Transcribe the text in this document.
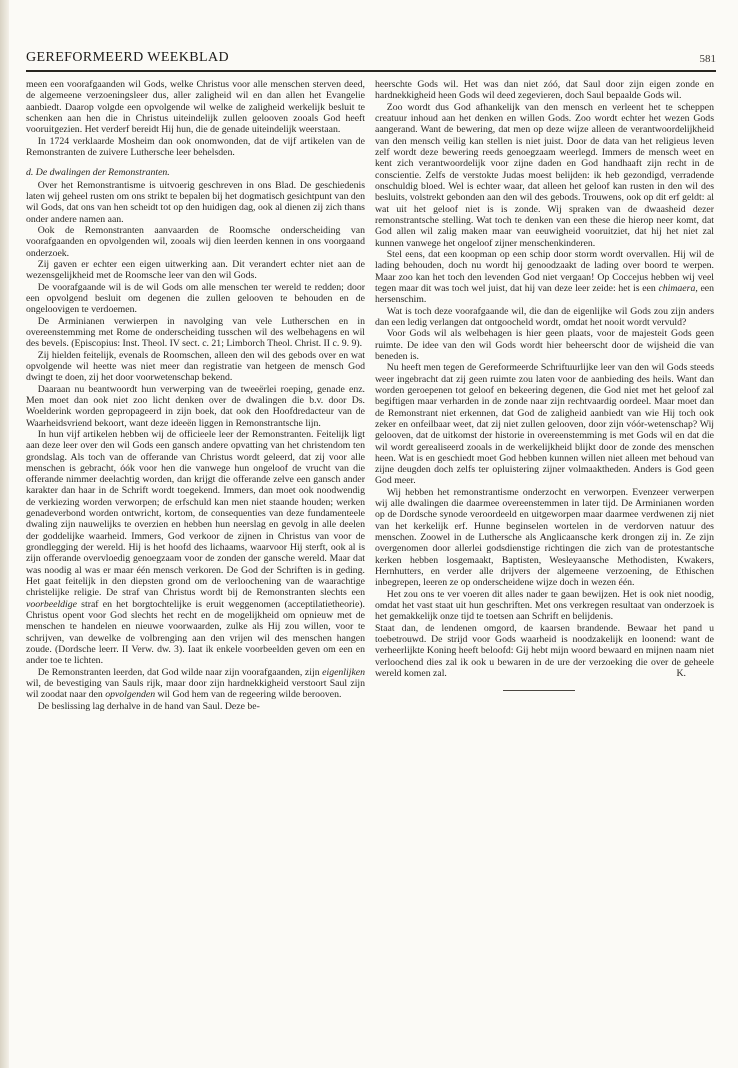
GEREFORMEERD WEEKBLAD	581

meen een voorafgaanden wil Gods, welke Christus voor alle menschen sterven deed, de algemeene verzoeningsleer dus, aller zaligheid wil en dan allen het Evangelie aanbiedt. Daarop volgde een opvolgende wil welke de zaligheid werkelijk besluit te schenken aan hen die in Christus uiteindelijk zullen gelooven zooals God heeft vooruitgezien. Het verderf bereidt Hij hun, die de genade uiteindelijk weerstaan.

In 1724 verklaarde Mosheim dan ook onomwonden, dat de vijf artikelen van de Remonstranten de zuivere Luthersche leer behelsden.

d. De dwalingen der Remonstranten.

Over het Remonstrantisme is uitvoerig geschreven in ons Blad. De geschiedenis laten wij geheel rusten om ons strikt te bepalen bij het dogmatisch gesichtpunt van den wil Gods, dat ons van hen scheidt tot op den huidigen dag, ook al dienen zij zich thans onder andere namen aan.

Ook de Remonstranten aanvaarden de Roomsche onderscheiding van voorafgaanden en opvolgenden wil, zooals wij dien leerden kennen in ons voorgaand onderzoek.

Zij gaven er echter een eigen uitwerking aan. Dit verandert echter niet aan de wezensgelijkheid met de Roomsche leer van den wil Gods.

De voorafgaande wil is de wil Gods om alle menschen ter wereld te redden; door een opvolgend besluit om degenen die zullen gelooven te behouden en de ongeloovigen te verdoemen.

De Arminianen verwierpen in navolging van vele Lutherschen en in overeenstemming met Rome de onderscheiding tusschen wil des welbehagens en wil des bevels. (Episcopius: Inst. Theol. IV sect. c. 21; Limborch Theol. Christ. II c. 9. 9).

Zij hielden feitelijk, evenals de Roomschen, alleen den wil des gebods over en wat opvolgende wil heette was niet meer dan registratie van hetgeen de mensch God dwingt te doen, zij het door voorwetenschap bekend.

Daaraan nu beantwoordt hun verwerping van de tweeërlei roeping, genade enz. Men moet dan ook niet zoo licht denken over de dwalingen die b.v. door Ds. Woelderink worden gepropageerd in zijn boek, dat ook den Hoofdredacteur van de Waarheidsvriend bekoort, want deze ideeën liggen in Remonstrantsche lijn.

In hun vijf artikelen hebben wij de officieele leer der Remonstranten. Feitelijk ligt aan deze leer over den wil Gods een gansch andere opvatting van het christendom ten grondslag. Als toch van de offerande van Christus wordt geleerd, dat zij voor alle menschen is gebracht, óók voor hen die vanwege hun ongeloof de vrucht van die offerande nimmer deelachtig worden, dan krijgt die offerande zelve een gansch ander karakter dan haar in de Schrift wordt toegekend. Immers, dan moet ook noodwendig de verkiezing worden verworpen; de erfschuld kan men niet staande houden; werken genadeverbond worden ontwricht, kortom, de consequenties van deze fundamenteele dwaling zijn nauwelijks te overzien en hebben hun neerslag en gevolg in alle deelen der goddelijke waarheid. Immers, God verkoor de zijnen in Christus van voor de grondlegging der wereld. Hij is het hoofd des lichaams, waarvoor Hij sterft, ook al is zijn offerande overvloedig genoegzaam voor de zonden der gansche wereld. Maar dat was noodig al was er maar één mensch verkoren. De God der Schriften is in geding. Het gaat feitelijk in den diepsten grond om de verloochening van de waarachtige christelijke religie. De straf van Christus wordt bij de Remonstranten slechts een voorbeeldige straf en het borgtochtelijke is eruit weggenomen (acceptilatietheorie). Christus opent voor God slechts het recht en de mogelijkheid om opnieuw met de menschen te handelen en nieuwe voorwaarden, zulke als Hij zou willen, voor te schrijven, van dewelke de volbrenging aan den vrijen wil des menschen hangen zoude. (Dordsche leerr. II Verw. dw. 3). Iaat ik enkele voorbeelden geven om een en ander toe te lichten.

De Remonstranten leerden, dat God wilde naar zijn voorafgaanden, zijn eigenlijken wil, de bevestiging van Sauls rijk, maar door zijn hardnekkigheid verstoort Saul zijn wil zoodat naar den opvolgenden wil God hem van de regeering wilde berooven.

De beslissing lag derhalve in de hand van Saul. Deze be-

heerschte Gods wil. Het was dan niet zóó, dat Saul door zijn eigen zonde en hardnekkigheid heen Gods wil deed zegevieren, doch Saul bepaalde Gods wil.

Zoo wordt dus God afhankelijk van den mensch en verleent het te scheppen creatuur inhoud aan het denken en willen Gods. Zoo wordt echter het wezen Gods aangerand. Want de bewering, dat men op deze wijze alleen de verantwoordelijkheid van den mensch veilig kan stellen is niet juist. Door de data van het religieus leven zelf wordt deze bewering reeds genoegzaam weerlegd. Immers de mensch weet en kent zich verantwoordelijk voor zijne daden en God handhaaft zijn recht in de conscientie. Zelfs de verstokte Judas moest belijden: ik heb gezondigd, verradende onschuldig bloed. Wel is echter waar, dat alleen het geloof kan rusten in den wil des besluits, volstrekt gebonden aan den wil des gebods. Trouwens, ook op dit erf geldt: al wat uit het geloof niet is is zonde. Wij spraken van de dwaasheid dezer remonstrantsche stelling. Wat toch te denken van een these die hierop neer komt, dat God allen wil zalig maken maar van eeuwigheid vooruitziet, dat hij het niet zal kunnen vanwege het ongeloof zijner menschenkinderen.

Stel eens, dat een koopman op een schip door storm wordt overvallen. Hij wil de lading behouden, doch nu wordt hij genoodzaakt de lading over boord te werpen. Maar zoo kan het toch den levenden God niet vergaan! Op Coccejus hebben wij veel tegen maar dit was toch wel juist, dat hij van deze leer zeide: het is een chimaera, een hersenschim.

Wat is toch deze voorafgaande wil, die dan de eigenlijke wil Gods zou zijn anders dan een ledig verlangen dat ontgoocheld wordt, omdat het nooit wordt vervuld?

Voor Gods wil als welbehagen is hier geen plaats, voor de majesteit Gods geen ruimte. De idee van den wil Gods wordt hier beheerscht door de wijsheid die van beneden is.

Nu heeft men tegen de Gereformeerde Schriftuurlijke leer van den wil Gods steeds weer ingebracht dat zij geen ruimte zou laten voor de aanbieding des heils. Want dan worden geroepenen tot geloof en bekeering degenen, die God niet met het geloof zal begiftigen maar verharden in de zonde naar zijn rechtvaardig oordeel. Maar moet dan de Remonstrant niet erkennen, dat God de zaligheid aanbiedt van wie Hij toch ook zeker en onfeilbaar weet, dat zij niet zullen gelooven, door zijn vóór-wetenschap? Wij gelooven, dat de uitkomst der historie in overeenstemming is met Gods wil en dat die wil wordt gerealiseerd zooals in de werkelijkheid blijkt door de zonde des menschen heen. Wat is en geschiedt moet God hebben kunnen willen niet alleen met behoud van zijne deugden doch zelfs ter opluistering zijner volmaaktheden. Anders is God geen God meer.

Wij hebben het remonstrantisme onderzocht en verworpen. Evenzeer verwerpen wij alle dwalingen die daarmee overeenstemmen in later tijd. De Arminianen worden op de Dordsche synode veroordeeld en uitgeworpen maar daarmee verdwenen zij niet van het kerkelijk erf. Hunne beginselen wortelen in de verdorven natuur des menschen. Zoowel in de Luthersche als Anglicaansche kerk drongen zij in. Ze zijn overgenomen door allerlei godsdienstige richtingen die zich van de protestantsche kerken hebben losgemaakt, Baptisten, Wesleyaansche Methodisten, Kwakers, Hernhutters, en verder alle drijvers der algemeene verzoening, de Ethischen inbegrepen, leeren ze op onderscheidene wijze doch in wezen één.

Het zou ons te ver voeren dit alles nader te gaan bewijzen. Het is ook niet noodig, omdat het vast staat uit hun geschriften. Met ons verkregen resultaat van onderzoek is het gemakkelijk onze tijd te toetsen aan Schrift en belijdenis.

Staat dan, de lendenen omgord, de kaarsen brandende. Bewaar het pand u toebetrouwd. De strijd voor Gods waarheid is noodzakelijk en loonend: want de verheerlijkte Koning heeft beloofd: Gij hebt mijn woord bewaard en mijnen naam niet verloochend dies zal ik ook u bewaren in de ure der verzoeking die over de geheele wereld komen zal.	K.
